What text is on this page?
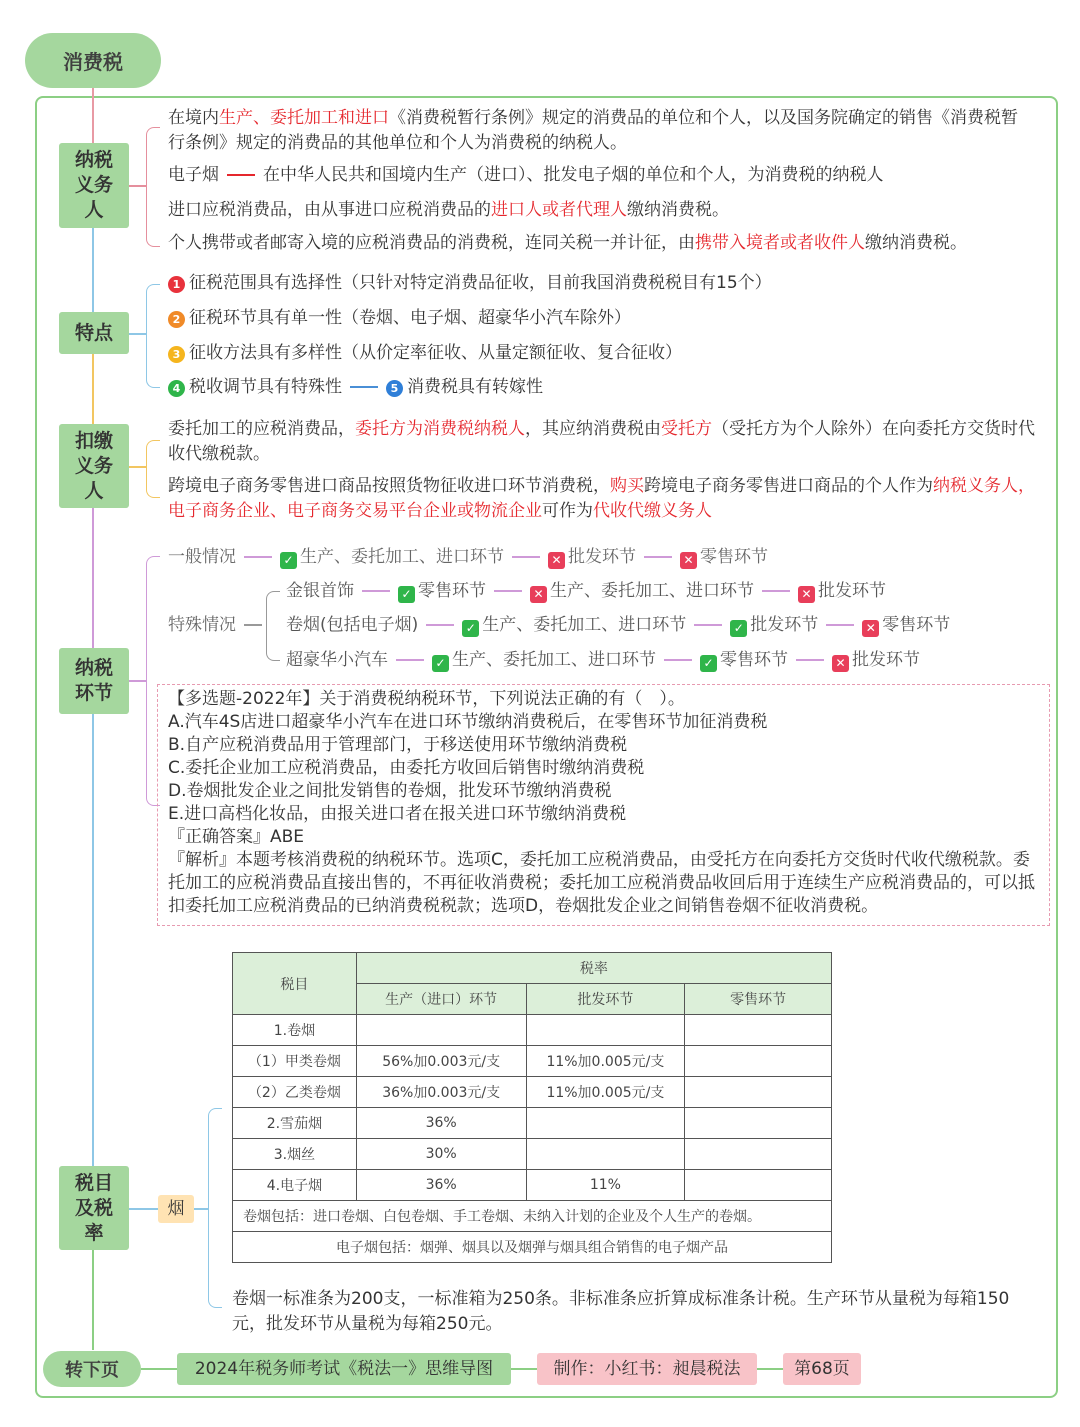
消费税
纳税义务人
在境内生产、委托加工和进口《消费税暂行条例》规定的消费品的单位和个人，以及国务院确定的销售《消费税暂行条例》规定的消费品的其他单位和个人为消费税的纳税人。
电子烟	在中华人民共和国境内生产（进口）、批发电子烟的单位和个人，为消费税的纳税人
进口应税消费品，由从事进口应税消费品的进口人或者代理人缴纳消费税。
个人携带或者邮寄入境的应税消费品的消费税，连同关税一并计征，由携带入境者或者收件人缴纳消费税。
特点
1 征税范围具有选择性（只针对特定消费品征收，目前我国消费税税目有15个）
2 征税环节具有单一性（卷烟、电子烟、超豪华小汽车除外）
3 征收方法具有多样性（从价定率征收、从量定额征收、复合征收）
4 税收调节具有特殊性	5 消费税具有转嫁性
扣缴义务人
委托加工的应税消费品，委托方为消费税纳税人，其应纳消费税由受托方（受托方为个人除外）在向委托方交货时代收代缴税款。
跨境电子商务零售进口商品按照货物征收进口环节消费税，购买跨境电子商务零售进口商品的个人作为纳税义务人，电子商务企业、电子商务交易平台企业或物流企业可作为代收代缴义务人
纳税环节
一般情况	✓ 生产、委托加工、进口环节	✕ 批发环节	✕ 零售环节
特殊情况
金银首饰	✓ 零售环节	✕ 生产、委托加工、进口环节	✕ 批发环节
卷烟(包括电子烟)	✓ 生产、委托加工、进口环节	✓ 批发环节	✕ 零售环节
超豪华小汽车	✓ 生产、委托加工、进口环节	✓ 零售环节	✕ 批发环节
【多选题-2022年】关于消费税纳税环节，下列说法正确的有（　）。
A.汽车4S店进口超豪华小汽车在进口环节缴纳消费税后，在零售环节加征消费税
B.自产应税消费品用于管理部门，于移送使用环节缴纳消费税
C.委托企业加工应税消费品，由委托方收回后销售时缴纳消费税
D.卷烟批发企业之间批发销售的卷烟，批发环节缴纳消费税
E.进口高档化妆品，由报关进口者在报关进口环节缴纳消费税
『正确答案』ABE
『解析』本题考核消费税的纳税环节。选项C，委托加工应税消费品，由受托方在向委托方交货时代收代缴税款。委托加工的应税消费品直接出售的，不再征收消费税；委托加工应税消费品收回后用于连续生产应税消费品的，可以抵扣委托加工应税消费品的已纳消费税税款；选项D，卷烟批发企业之间销售卷烟不征收消费税。
税目及税率
烟
税目	税率		
	生产（进口）环节	批发环节	零售环节
1.卷烟			
（1）甲类卷烟	56%加0.003元/支	11%加0.005元/支	
（2）乙类卷烟	36%加0.003元/支	11%加0.005元/支	
2.雪茄烟	36%		
3.烟丝	30%		
4.电子烟	36%	11%	
卷烟包括：进口卷烟、白包卷烟、手工卷烟、未纳入计划的企业及个人生产的卷烟。			
电子烟包括：烟弹、烟具以及烟弹与烟具组合销售的电子烟产品			
卷烟一标准条为200支，一标准箱为250条。非标准条应折算成标准条计税。生产环节从量税为每箱150元，批发环节从量税为每箱250元。
转下页	2024年税务师考试《税法一》思维导图	制作：小红书：昶晨税法	第68页
